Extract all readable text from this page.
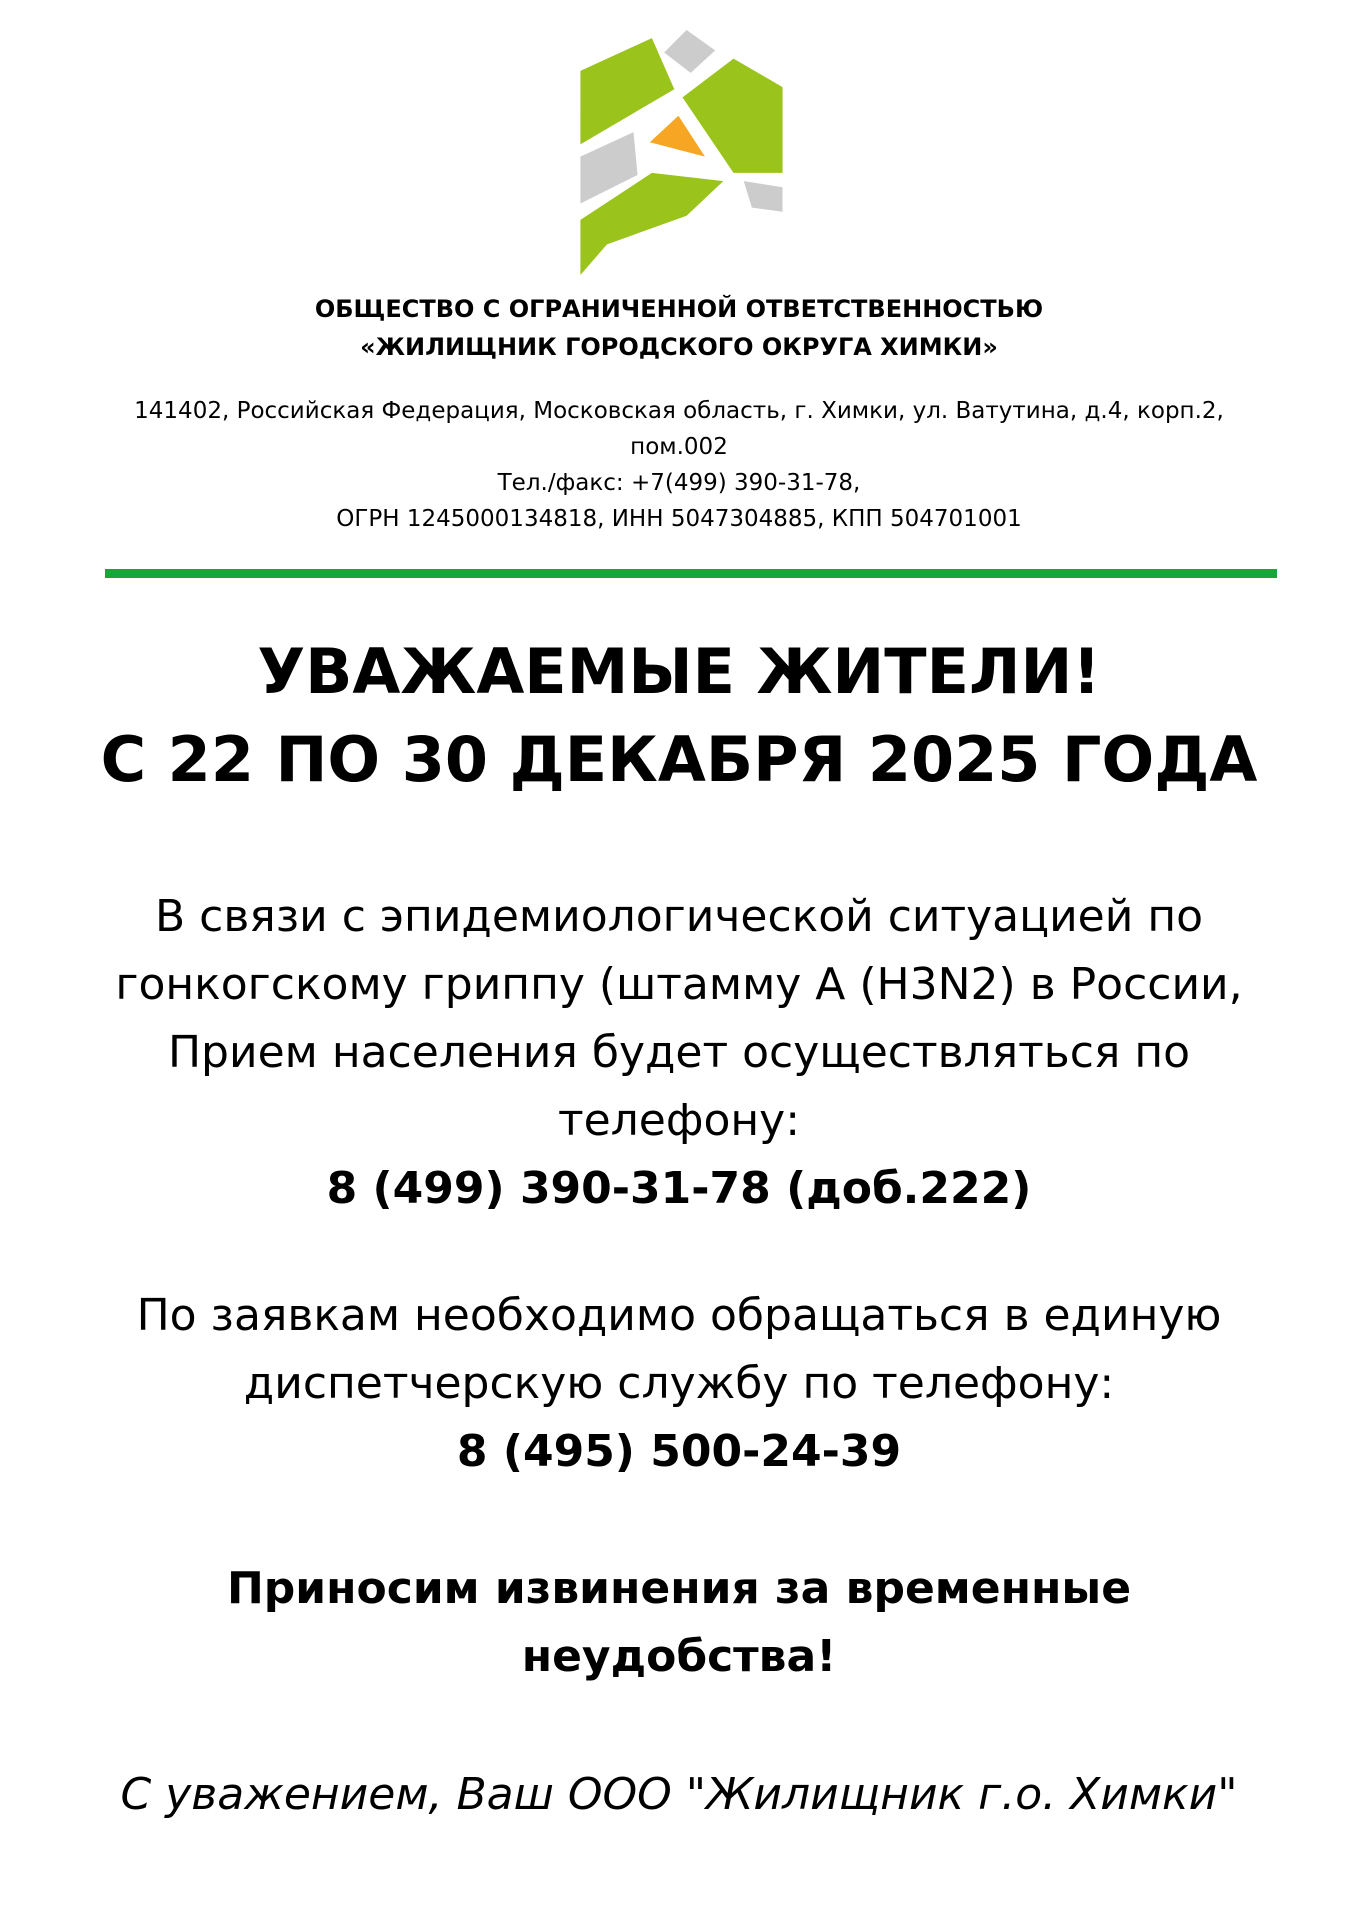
ОБЩЕСТВО С ОГРАНИЧЕННОЙ ОТВЕТСТВЕННОСТЬЮ
«ЖИЛИЩНИК ГОРОДСКОГО ОКРУГА ХИМКИ»
141402, Российская Федерация, Московская область, г. Химки, ул. Ватутина, д.4, корп.2,
пом.002
Тел./факс: +7(499) 390-31-78,
ОГРН 1245000134818, ИНН 5047304885, КПП 504701001
УВАЖАЕМЫЕ ЖИТЕЛИ!
С 22 ПО 30 ДЕКАБРЯ 2025 ГОДА
В связи с эпидемиологической ситуацией по
гонкогскому гриппу (штамму А (H3N2) в России,
Прием населения будет осуществляться по
телефону:
8 (499) 390-31-78 (доб.222)
По заявкам необходимо обращаться в единую
диспетчерскую службу по телефону:
8 (495) 500-24-39
Приносим извинения за временные
неудобства!
С уважением, Ваш ООО "Жилищник г.о. Химки"
